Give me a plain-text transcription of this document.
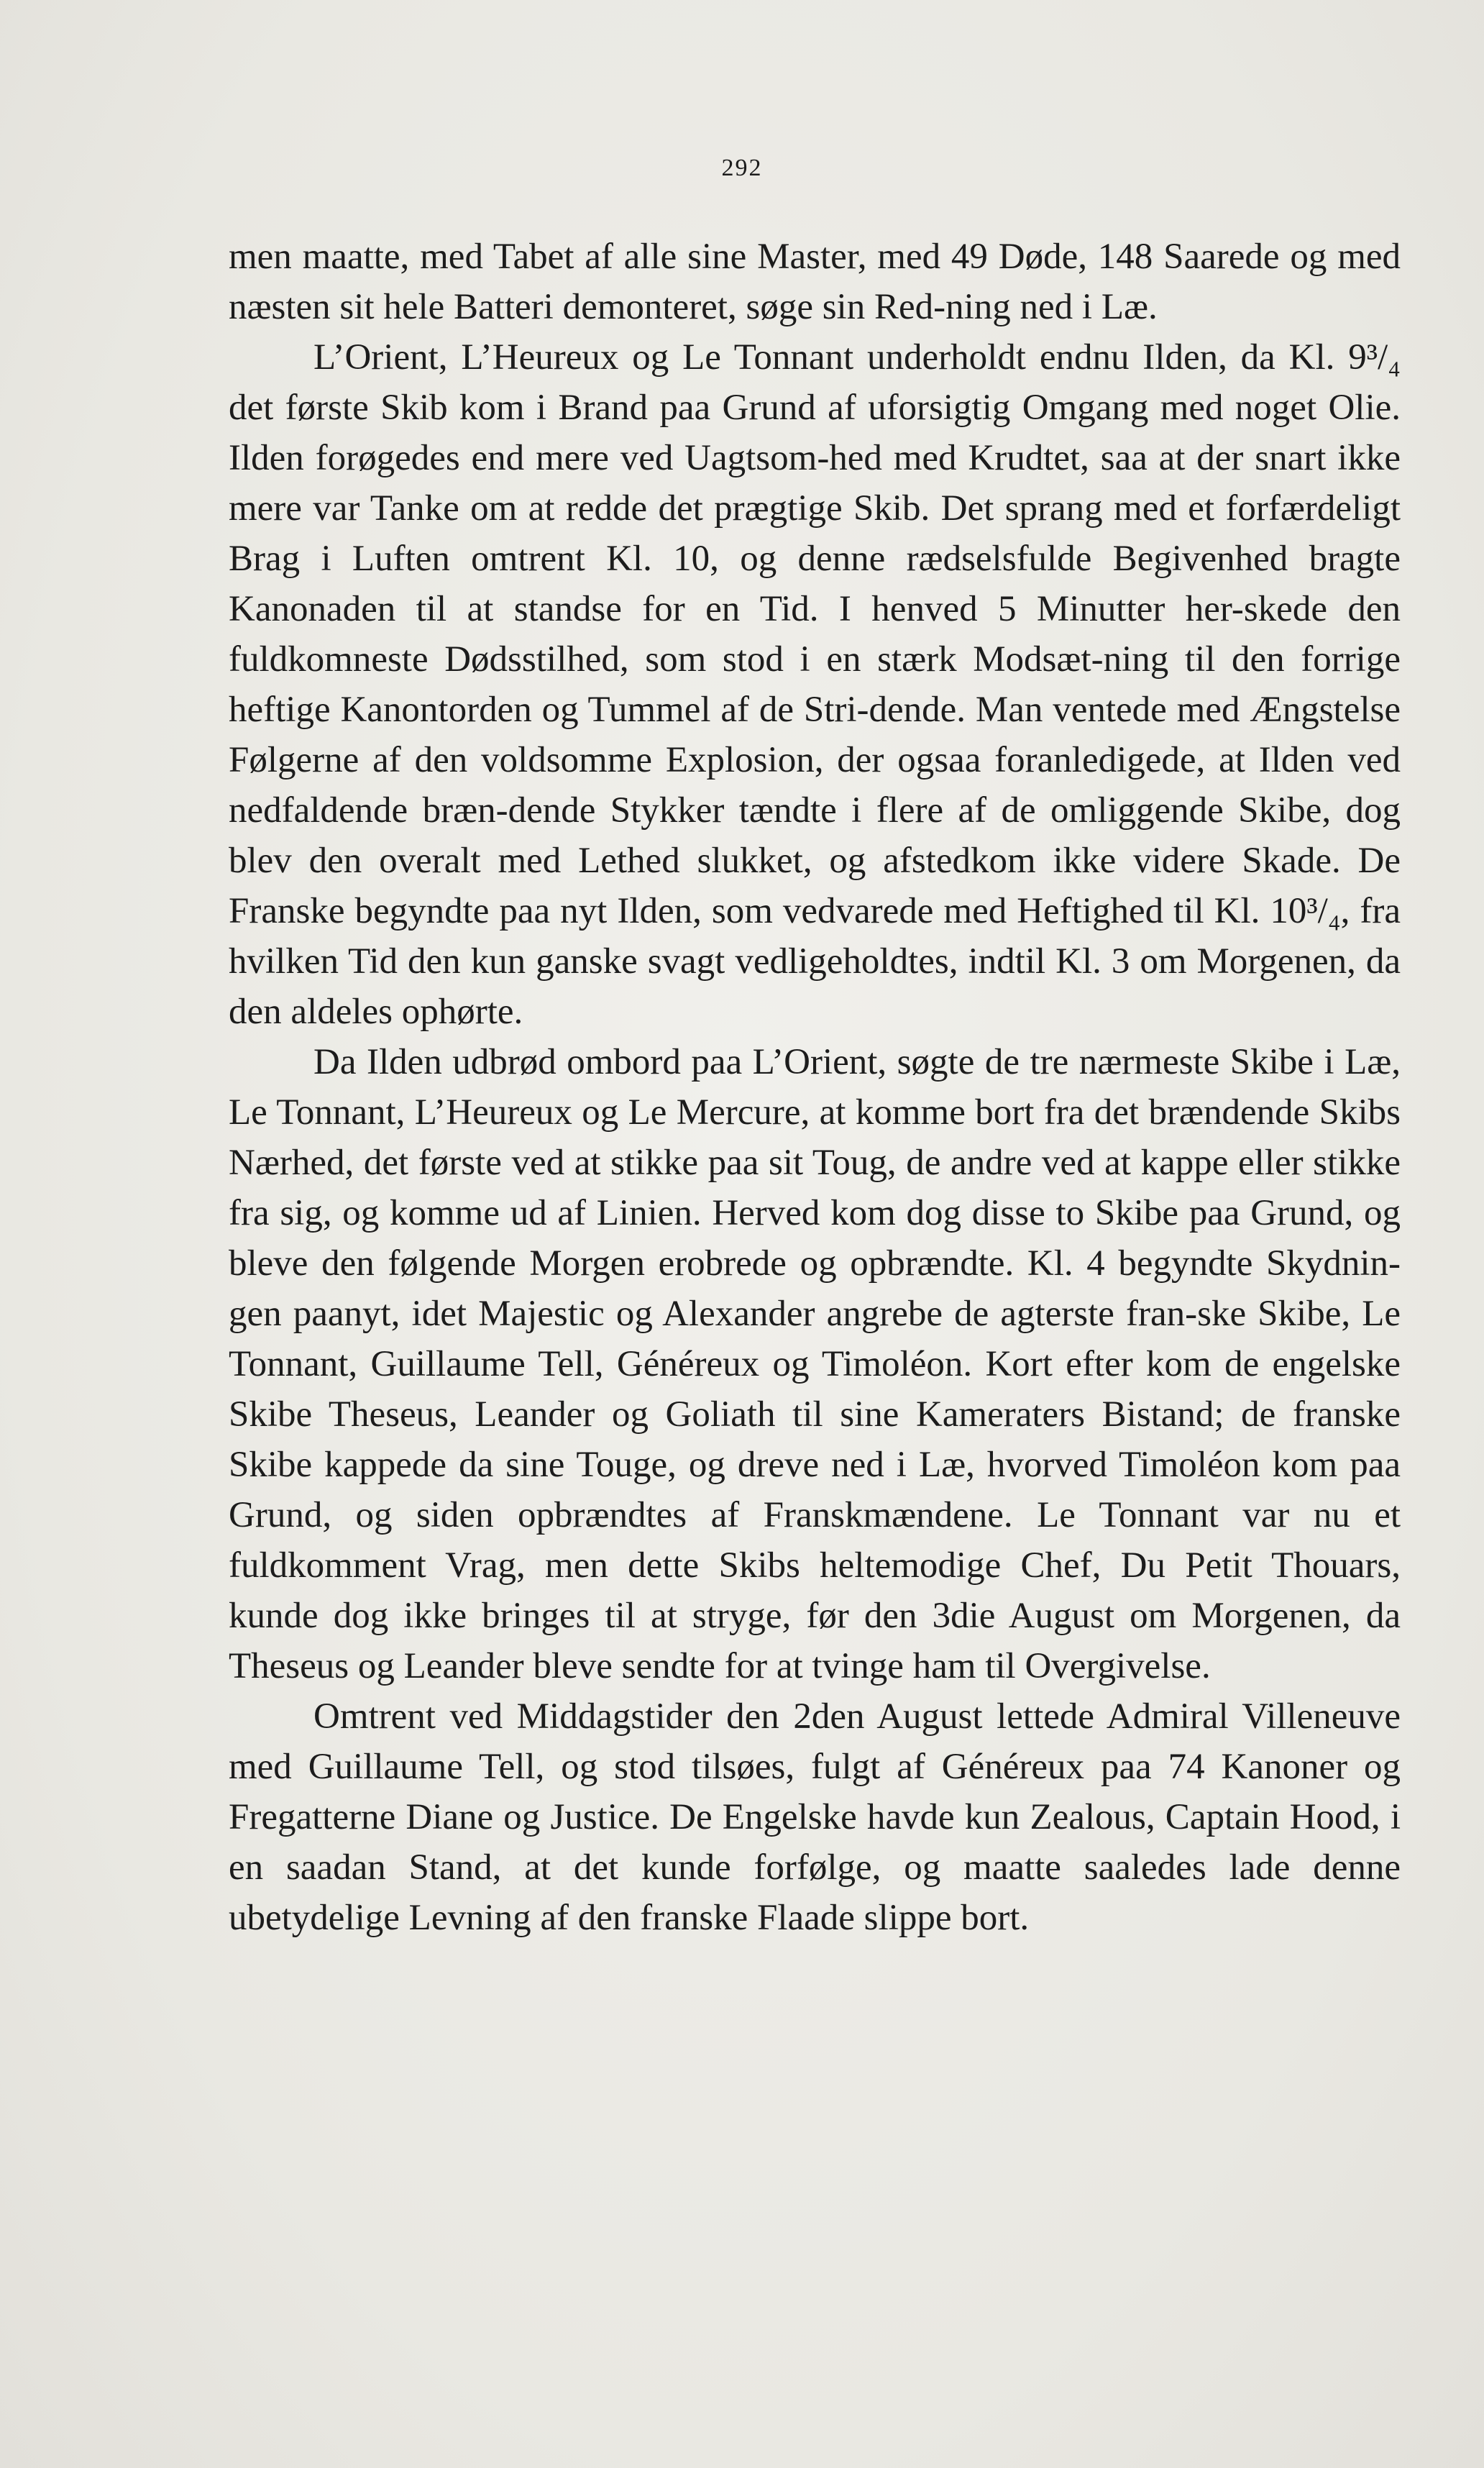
292

men maatte, med Tabet af alle sine Master, med 49 Døde, 148 Saarede og med næsten sit hele Batteri demonteret, søge sin Red-ning ned i Læ.

L’Orient, L’Heureux og Le Tonnant underholdt endnu Ilden, da Kl. 9³/₄ det første Skib kom i Brand paa Grund af uforsigtig Omgang med noget Olie. Ilden forøgedes end mere ved Uagtsom-hed med Krudtet, saa at der snart ikke mere var Tanke om at redde det prægtige Skib. Det sprang med et forfærdeligt Brag i Luften omtrent Kl. 10, og denne rædselsfulde Begivenhed bragte Kanonaden til at standse for en Tid. I henved 5 Minutter her-skede den fuldkomneste Dødsstilhed, som stod i en stærk Modsæt-ning til den forrige heftige Kanontorden og Tummel af de Stri-dende. Man ventede med Ængstelse Følgerne af den voldsomme Explosion, der ogsaa foranledigede, at Ilden ved nedfaldende bræn-dende Stykker tændte i flere af de omliggende Skibe, dog blev den overalt med Lethed slukket, og afstedkom ikke videre Skade. De Franske begyndte paa nyt Ilden, som vedvarede med Heftighed til Kl. 10³/₄, fra hvilken Tid den kun ganske svagt vedligeholdtes, indtil Kl. 3 om Morgenen, da den aldeles ophørte.

Da Ilden udbrød ombord paa L’Orient, søgte de tre nærmeste Skibe i Læ, Le Tonnant, L’Heureux og Le Mercure, at komme bort fra det brændende Skibs Nærhed, det første ved at stikke paa sit Toug, de andre ved at kappe eller stikke fra sig, og komme ud af Linien. Herved kom dog disse to Skibe paa Grund, og bleve den følgende Morgen erobrede og opbrændte. Kl. 4 begyndte Skydnin-gen paanyt, idet Majestic og Alexander angrebe de agterste fran-ske Skibe, Le Tonnant, Guillaume Tell, Généreux og Timoléon. Kort efter kom de engelske Skibe Theseus, Leander og Goliath til sine Kameraters Bistand; de franske Skibe kappede da sine Touge, og dreve ned i Læ, hvorved Timoléon kom paa Grund, og siden opbrændtes af Franskmændene. Le Tonnant var nu et fuldkomment Vrag, men dette Skibs heltemodige Chef, Du Petit Thouars, kunde dog ikke bringes til at stryge, før den 3die August om Morgenen, da Theseus og Leander bleve sendte for at tvinge ham til Overgivelse.

Omtrent ved Middagstider den 2den August lettede Admiral Villeneuve med Guillaume Tell, og stod tilsøes, fulgt af Généreux paa 74 Kanoner og Fregatterne Diane og Justice. De Engelske havde kun Zealous, Captain Hood, i en saadan Stand, at det kunde forfølge, og maatte saaledes lade denne ubetydelige Levning af den franske Flaade slippe bort.
